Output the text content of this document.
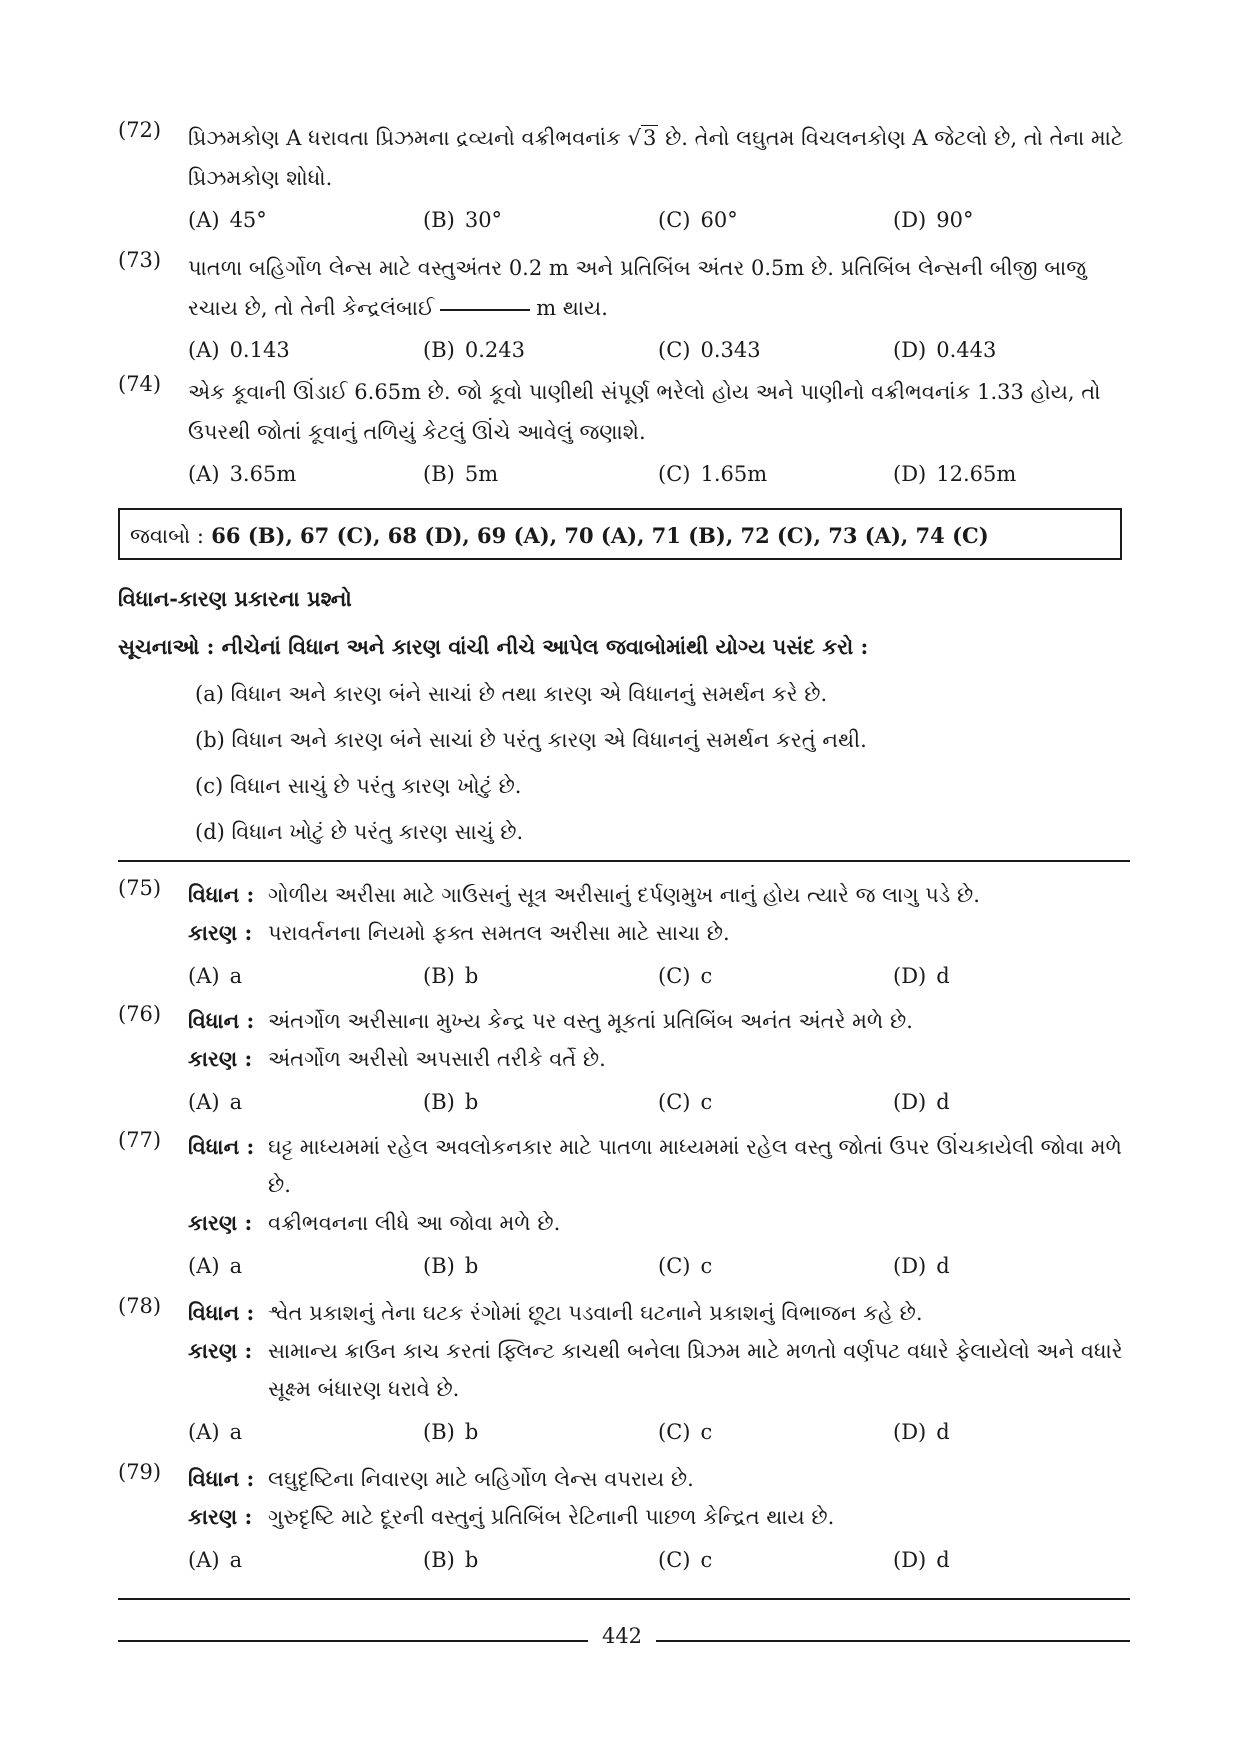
(72)	પ્રિઝમકોણ A ધરાવતા પ્રિઝમના દ્રવ્યનો વક્રીભવનાંક √3 છે. તેનો લઘુતમ વિચલનકોણ A જેટલો છે, તો તેના માટે પ્રિઝમકોણ શોધો.
(A) 45°	(B) 30°	(C) 60°	(D) 90°
(73)	પાતળા બહિર્ગોળ લેન્સ માટે વસ્તુઅંતર 0.2 m અને પ્રતિબિંબ અંતર 0.5m છે. પ્રતિબિંબ લેન્સની બીજી બાજુ રચાય છે, તો તેની કેન્દ્રલંબાઈ	m થાય.
(A) 0.143	(B) 0.243	(C) 0.343	(D) 0.443
(74)	એક કૂવાની ઊંડાઈ 6.65m છે. જો કૂવો પાણીથી સંપૂર્ણ ભરેલો હોય અને પાણીનો વક્રીભવનાંક 1.33 હોય, તો ઉપરથી જોતાં કૂવાનું તળિયું કેટલું ઊંચે આવેલું જણાશે.
(A) 3.65m	(B) 5m	(C) 1.65m	(D) 12.65m
જવાબો : 66 (B), 67 (C), 68 (D), 69 (A), 70 (A), 71 (B), 72 (C), 73 (A), 74 (C)
વિધાન-કારણ પ્રકારના પ્રશ્નો
સૂચનાઓ : નીચેનાં વિધાન અને કારણ વાંચી નીચે આપેલ જવાબોમાંથી યોગ્ય પસંદ કરો :
(a) વિધાન અને કારણ બંને સાચાં છે તથા કારણ એ વિધાનનું સમર્થન કરે છે.
(b) વિધાન અને કારણ બંને સાચાં છે પરંતુ કારણ એ વિધાનનું સમર્થન કરતું નથી.
(c) વિધાન સાચું છે પરંતુ કારણ ખોટું છે.
(d) વિધાન ખોટું છે પરંતુ કારણ સાચું છે.
(75)	વિધાન : ગોળીય અરીસા માટે ગાઉસનું સૂત્ર અરીસાનું દર્પણમુખ નાનું હોય ત્યારે જ લાગુ પડે છે.
કારણ : પરાવર્તનના નિયમો ફક્ત સમતલ અરીસા માટે સાચા છે.
(A) a	(B) b	(C) c	(D) d
(76)	વિધાન : અંતર્ગોળ અરીસાના મુખ્ય કેન્દ્ર પર વસ્તુ મૂકતાં પ્રતિબિંબ અનંત અંતરે મળે છે.
કારણ : અંતર્ગોળ અરીસો અપસારી તરીકે વર્તે છે.
(A) a	(B) b	(C) c	(D) d
(77)	વિધાન : ઘટ્ટ માધ્યમમાં રહેલ અવલોકનકાર માટે પાતળા માધ્યમમાં રહેલ વસ્તુ જોતાં ઉપર ઊંચકાયેલી જોવા મળે છે.
કારણ : વક્રીભવનના લીધે આ જોવા મળે છે.
(A) a	(B) b	(C) c	(D) d
(78)	વિધાન : શ્વેત પ્રકાશનું તેના ઘટક રંગોમાં છૂટા પડવાની ઘટનાને પ્રકાશનું વિભાજન કહે છે.
કારણ : સામાન્ય ક્રાઉન કાચ કરતાં ફ્લિન્ટ કાચથી બનેલા પ્રિઝમ માટે મળતો વર્ણપટ વધારે ફેલાયેલો અને વધારે સૂક્ષ્મ બંધારણ ધરાવે છે.
(A) a	(B) b	(C) c	(D) d
(79)	વિધાન : લઘુદૃષ્ટિના નિવારણ માટે બહિર્ગોળ લેન્સ વપરાય છે.
કારણ : ગુરુદૃષ્ટિ માટે દૂરની વસ્તુનું પ્રતિબિંબ રેટિનાની પાછળ કેન્દ્રિત થાય છે.
(A) a	(B) b	(C) c	(D) d
442
